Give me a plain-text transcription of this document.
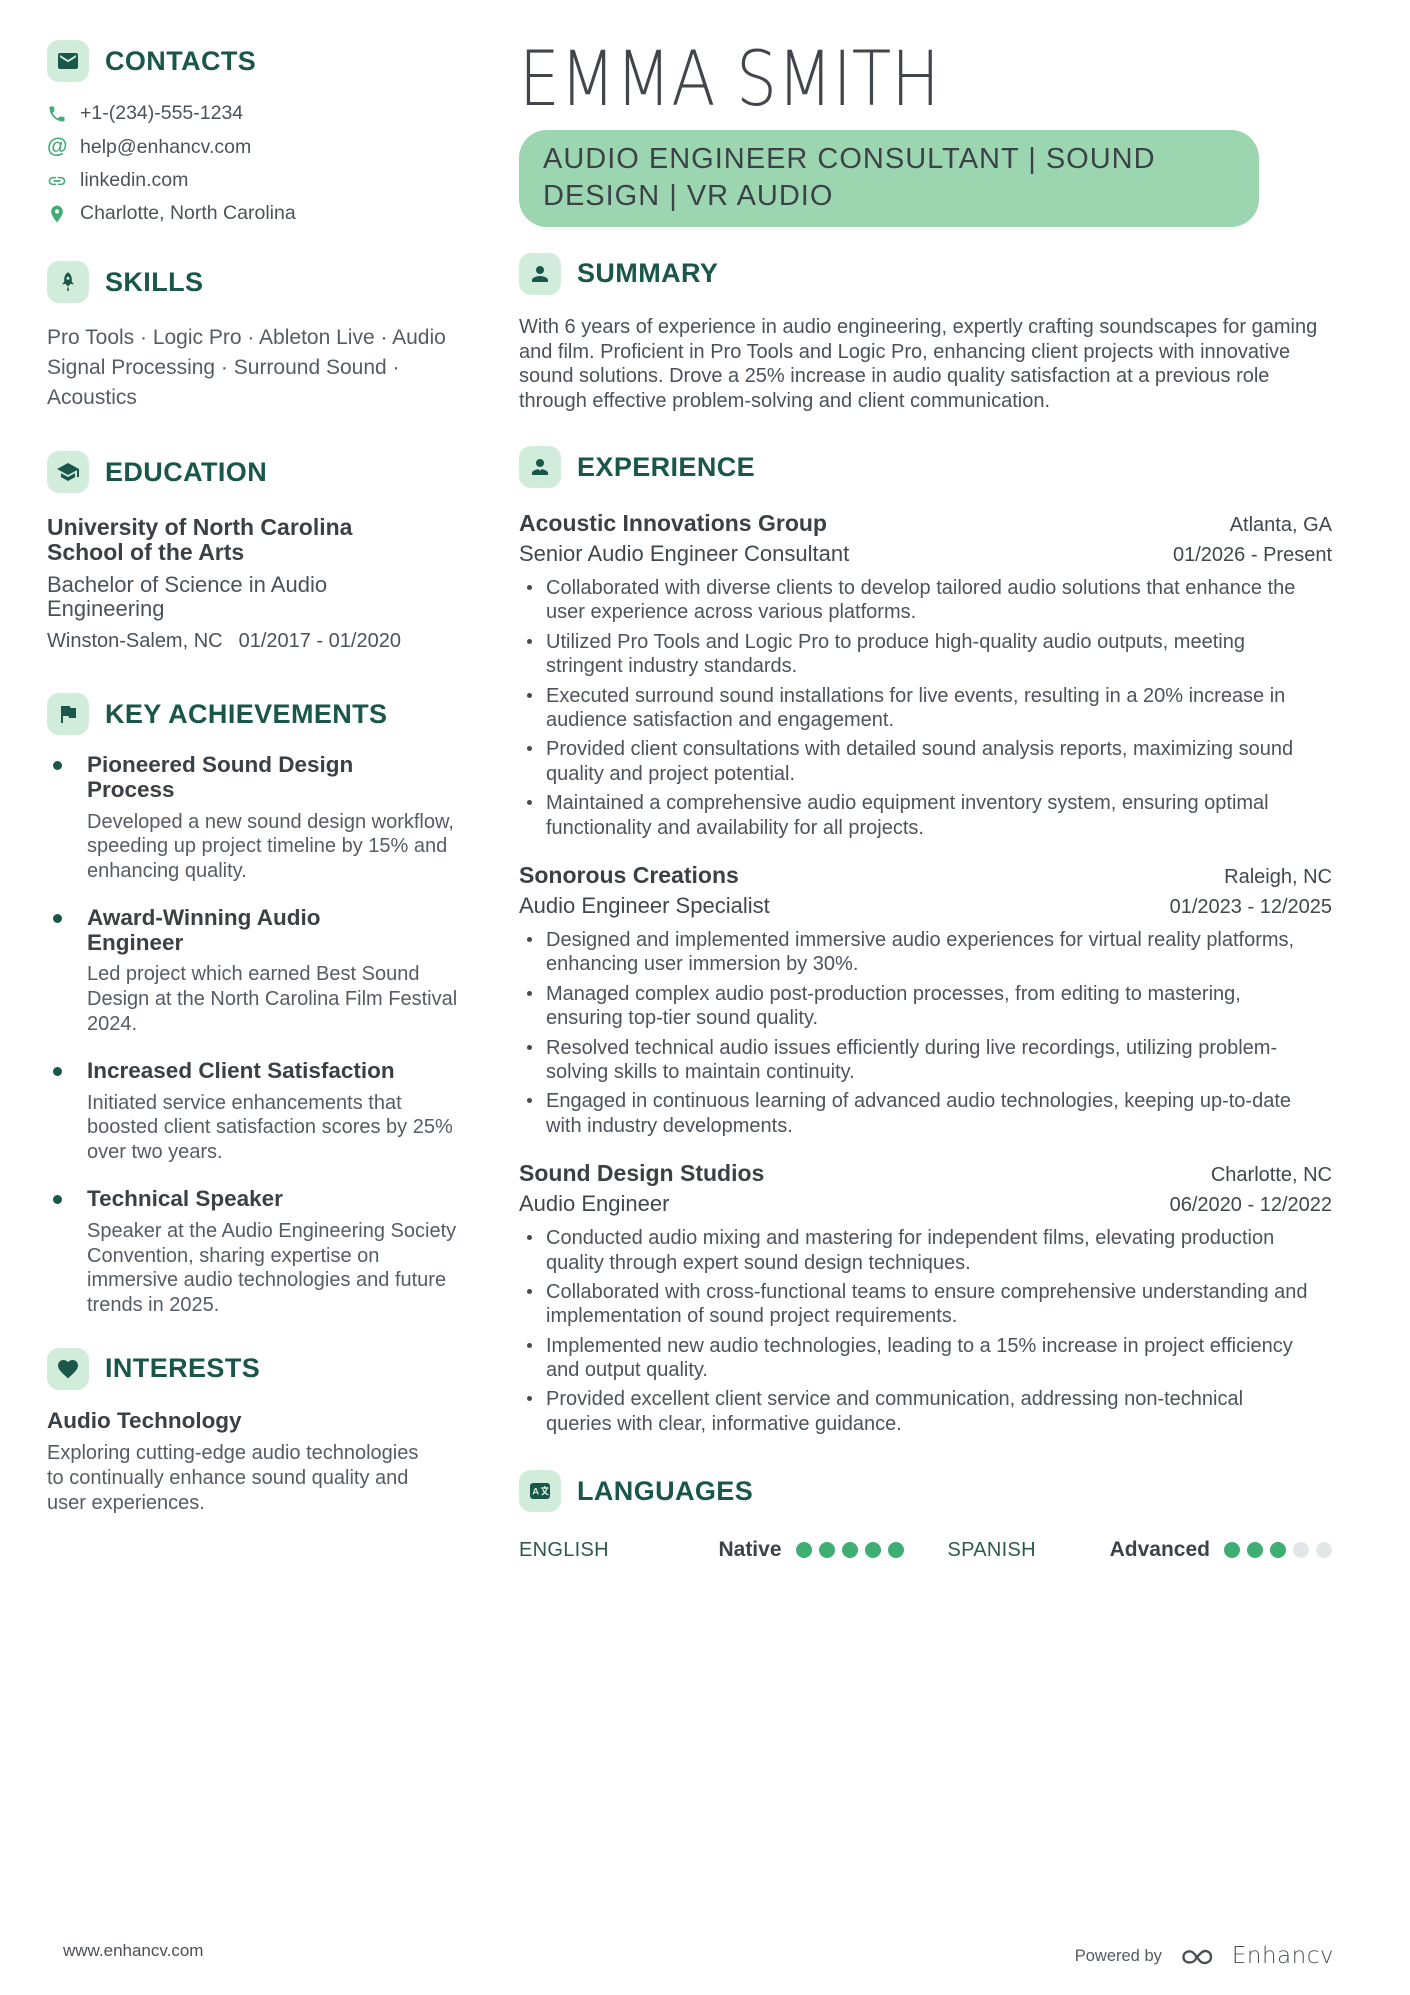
CONTACTS
+1-(234)-555-1234
@ help@enhancv.com
linkedin.com
Charlotte, North Carolina
SKILLS
Pro Tools · Logic Pro · Ableton Live · Audio Signal Processing · Surround Sound · Acoustics
EDUCATION
University of North Carolina School of the Arts
Bachelor of Science in Audio Engineering
Winston-Salem, NC 01/2017 - 01/2020
KEY ACHIEVEMENTS
Pioneered Sound Design Process
Developed a new sound design workflow, speeding up project timeline by 15% and enhancing quality.
Award-Winning Audio Engineer
Led project which earned Best Sound Design at the North Carolina Film Festival 2024.
Increased Client Satisfaction
Initiated service enhancements that boosted client satisfaction scores by 25% over two years.
Technical Speaker
Speaker at the Audio Engineering Society Convention, sharing expertise on immersive audio technologies and future trends in 2025.
INTERESTS
Audio Technology
Exploring cutting-edge audio technologies to continually enhance sound quality and user experiences.
EMMA SMITH
AUDIO ENGINEER CONSULTANT | SOUND DESIGN | VR AUDIO
SUMMARY
With 6 years of experience in audio engineering, expertly crafting soundscapes for gaming and film. Proficient in Pro Tools and Logic Pro, enhancing client projects with innovative sound solutions. Drove a 25% increase in audio quality satisfaction at a previous role through effective problem-solving and client communication.
EXPERIENCE
Acoustic Innovations Group	Atlanta, GA
Senior Audio Engineer Consultant	01/2026 - Present
Collaborated with diverse clients to develop tailored audio solutions that enhance the user experience across various platforms.
Utilized Pro Tools and Logic Pro to produce high-quality audio outputs, meeting stringent industry standards.
Executed surround sound installations for live events, resulting in a 20% increase in audience satisfaction and engagement.
Provided client consultations with detailed sound analysis reports, maximizing sound quality and project potential.
Maintained a comprehensive audio equipment inventory system, ensuring optimal functionality and availability for all projects.
Sonorous Creations	Raleigh, NC
Audio Engineer Specialist	01/2023 - 12/2025
Designed and implemented immersive audio experiences for virtual reality platforms, enhancing user immersion by 30%.
Managed complex audio post-production processes, from editing to mastering, ensuring top-tier sound quality.
Resolved technical audio issues efficiently during live recordings, utilizing problem-solving skills to maintain continuity.
Engaged in continuous learning of advanced audio technologies, keeping up-to-date with industry developments.
Sound Design Studios	Charlotte, NC
Audio Engineer	06/2020 - 12/2022
Conducted audio mixing and mastering for independent films, elevating production quality through expert sound design techniques.
Collaborated with cross-functional teams to ensure comprehensive understanding and implementation of sound project requirements.
Implemented new audio technologies, leading to a 15% increase in project efficiency and output quality.
Provided excellent client service and communication, addressing non-technical queries with clear, informative guidance.
A LANGUAGES
ENGLISH	Native	SPANISH	Advanced
www.enhancv.com	Powered by	Enhancv
